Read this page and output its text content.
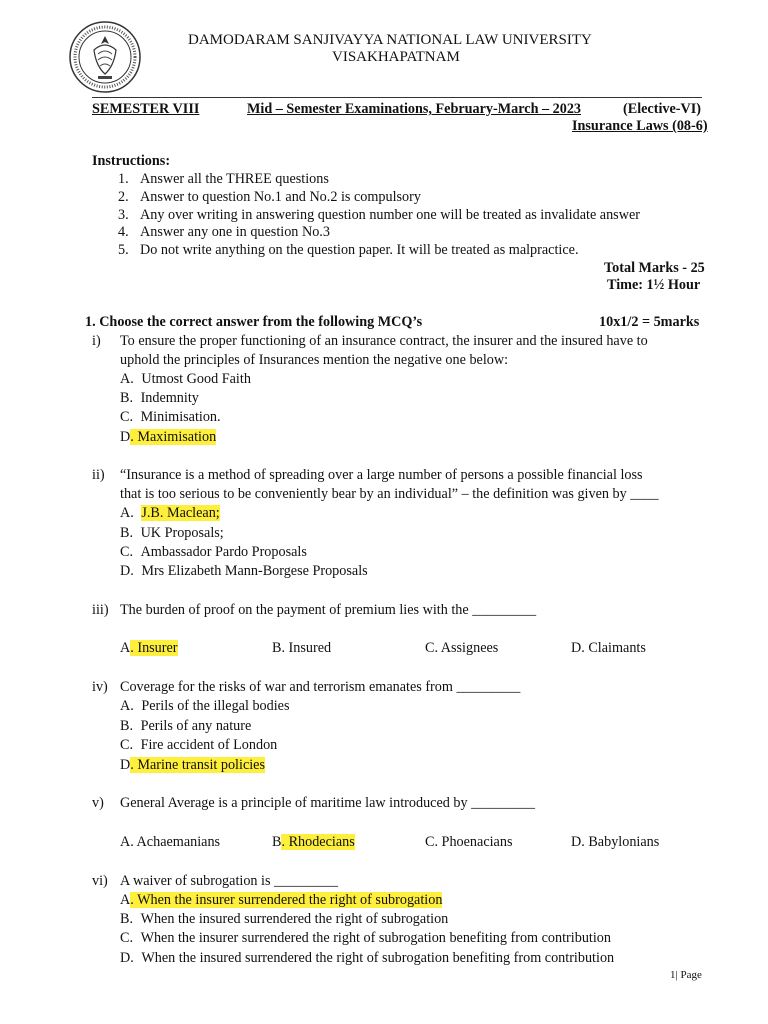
DAMODARAM SANJIVAYYA NATIONAL LAW UNIVERSITY
VISAKHAPATNAM
SEMESTER VIII	Mid – Semester Examinations, February-March – 2023	(Elective-VI)
Insurance Laws (08-6)
Instructions:
1. Answer all the THREE questions
2. Answer to question No.1 and No.2 is compulsory
3. Any over writing in answering question number one will be treated as invalidate answer
4. Answer any one in question No.3
5. Do not write anything on the question paper. It will be treated as malpractice.
Total Marks - 25
Time: 1½ Hour
1. Choose the correct answer from the following MCQ’s	10x1/2 = 5marks
i) To ensure the proper functioning of an insurance contract, the insurer and the insured have to
uphold the principles of Insurances mention the negative one below:
A. Utmost Good Faith
B. Indemnity
C. Minimisation.
D. Maximisation
ii) “Insurance is a method of spreading over a large number of persons a possible financial loss
that is too serious to be conveniently bear by an individual” – the definition was given by ____
A. J.B. Maclean;
B. UK Proposals;
C. Ambassador Pardo Proposals
D. Mrs Elizabeth Mann-Borgese Proposals
iii) The burden of proof on the payment of premium lies with the _________
A. Insurer	B. Insured	C. Assignees	D. Claimants
iv) Coverage for the risks of war and terrorism emanates from _________
A. Perils of the illegal bodies
B. Perils of any nature
C. Fire accident of London
D. Marine transit policies
v) General Average is a principle of maritime law introduced by _________
A. Achaemanians	B. Rhodecians	C. Phoenacians	D. Babylonians
vi) A waiver of subrogation is _________
A. When the insurer surrendered the right of subrogation
B. When the insured surrendered the right of subrogation
C. When the insurer surrendered the right of subrogation benefiting from contribution
D. When the insured surrendered the right of subrogation benefiting from contribution
1| Page
